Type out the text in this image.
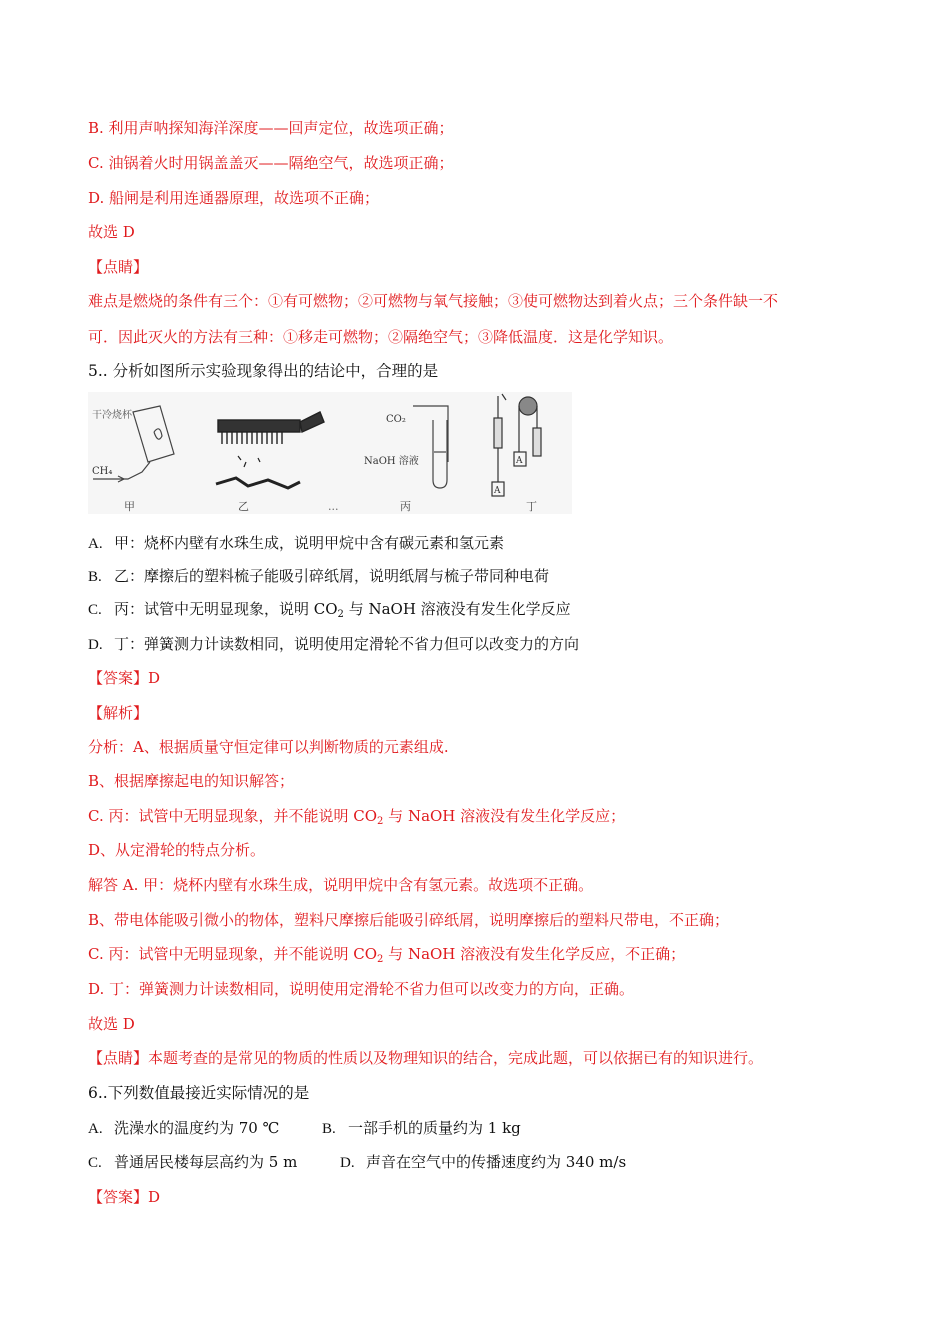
B. 利用声呐探知海洋深度——回声定位，故选项正确；
C. 油锅着火时用锅盖盖灭——隔绝空气，故选项正确；
D. 船闸是利用连通器原理，故选项不正确；
故选 D
【点睛】
难点是燃烧的条件有三个：①有可燃物；②可燃物与氧气接触；③使可燃物达到着火点；三个条件缺一不
可．因此灭火的方法有三种：①移走可燃物；②隔绝空气；③降低温度．这是化学知识。
5.. 分析如图所示实验现象得出的结论中，合理的是
干冷烧杯
CH₄
甲	乙	...
CO₂
NaOH 溶液
丙
A
A
丁
A. 甲：烧杯内壁有水珠生成，说明甲烷中含有碳元素和氢元素
B. 乙：摩擦后的塑料梳子能吸引碎纸屑，说明纸屑与梳子带同种电荷
C. 丙：试管中无明显现象，说明 $CO_2$ 与 NaOH 溶液没有发生化学反应
D. 丁：弹簧测力计读数相同，说明使用定滑轮不省力但可以改变力的方向
【答案】D
【解析】
分析：A、根据质量守恒定律可以判断物质的元素组成.
B、根据摩擦起电的知识解答；
C. 丙：试管中无明显现象，并不能说明 $CO_2$ 与 NaOH 溶液没有发生化学反应；
D、从定滑轮的特点分析。
解答 A. 甲：烧杯内壁有水珠生成，说明甲烷中含有氢元素。故选项不正确。
B、带电体能吸引微小的物体，塑料尺摩擦后能吸引碎纸屑，说明摩擦后的塑料尺带电，不正确；
C. 丙：试管中无明显现象，并不能说明 $CO_2$ 与 NaOH 溶液没有发生化学反应，不正确；
D. 丁：弹簧测力计读数相同，说明使用定滑轮不省力但可以改变力的方向，正确。
故选 D
【点睛】本题考查的是常见的物质的性质以及物理知识的结合，完成此题，可以依据已有的知识进行。
6..下列数值最接近实际情况的是
A. 洗澡水的温度约为 70 ℃	B. 一部手机的质量约为 1 kg
C. 普通居民楼每层高约为 5 m	D. 声音在空气中的传播速度约为 340 m/s
【答案】D
